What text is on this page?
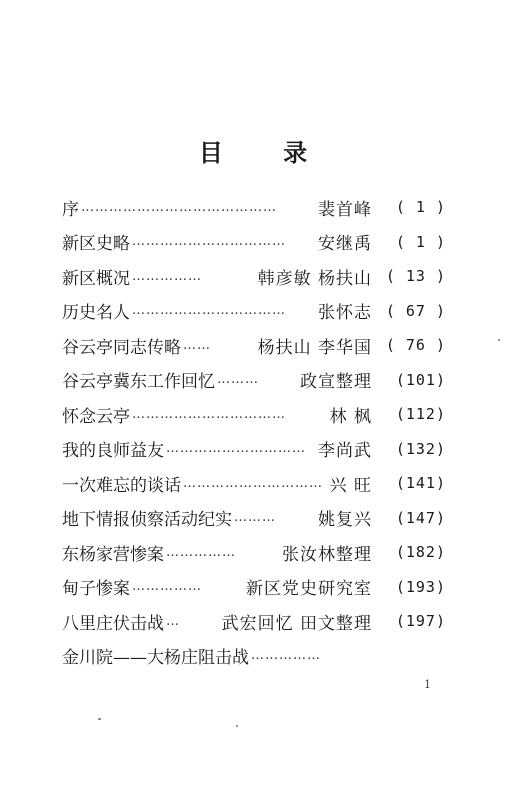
目 录
序 ……………………………………	裴首峰	( 1 )
新区史略 ……………………………	安继禹	( 1 )
新区概况 ……………	韩彦敏 杨扶山 ( 13 )
历史名人 ……………………………	张怀志 ( 67 )
谷云亭同志传略 ……	杨扶山 李华国 ( 76 )
谷云亭冀东工作回忆 ………	政宣整理	(101)
怀念云亭 ……………………………	林 枫	(112)
我的良师益友 ………………………… 李尚武	(132)
一次难忘的谈话 ………………………… 兴 旺	(141)
地下情报侦察活动纪实 ………	姚复兴	(147)
东杨家营惨案 ……………	张汝林整理	(182)
甸子惨案 ……………	新区党史研究室	(193)
八里庄伏击战 …	武宏回忆 田文整理	(197)
金川院——大杨庄阻击战 ……………
1
